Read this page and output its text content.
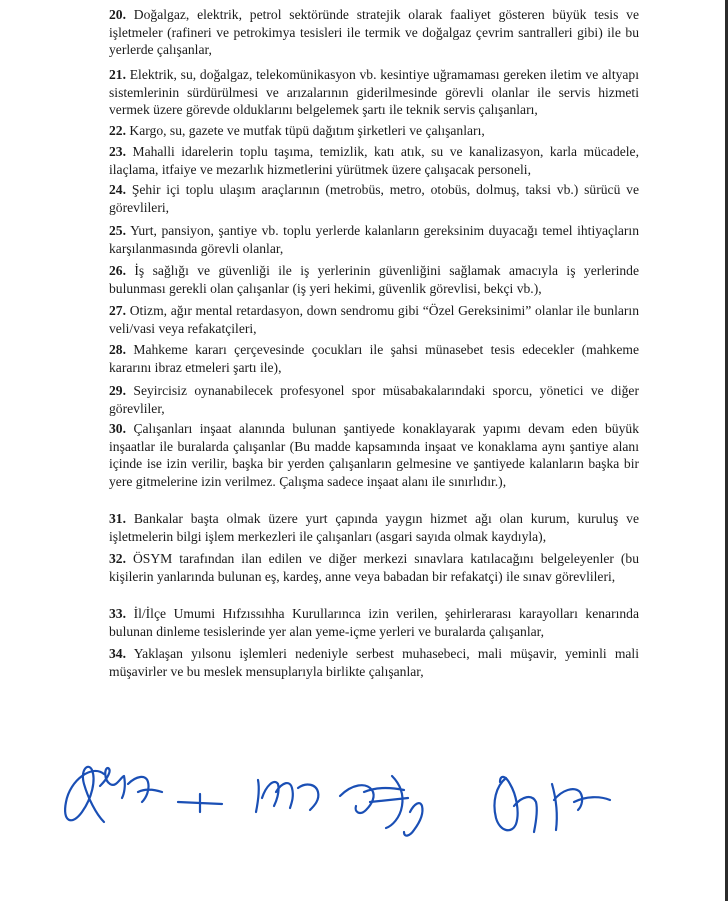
20. Doğalgaz, elektrik, petrol sektöründe stratejik olarak faaliyet gösteren büyük tesis ve işletmeler (rafineri ve petrokimya tesisleri ile termik ve doğalgaz çevrim santralleri gibi) ile bu yerlerde çalışanlar,
21. Elektrik, su, doğalgaz, telekomünikasyon vb. kesintiye uğramaması gereken iletim ve altyapı sistemlerinin sürdürülmesi ve arızalarının giderilmesinde görevli olanlar ile servis hizmeti vermek üzere görevde olduklarını belgelemek şartı ile teknik servis çalışanları,
22. Kargo, su, gazete ve mutfak tüpü dağıtım şirketleri ve çalışanları,
23. Mahalli idarelerin toplu taşıma, temizlik, katı atık, su ve kanalizasyon, karla mücadele, ilaçlama, itfaiye ve mezarlık hizmetlerini yürütmek üzere çalışacak personeli,
24. Şehir içi toplu ulaşım araçlarının (metrobüs, metro, otobüs, dolmuş, taksi vb.) sürücü ve görevlileri,
25. Yurt, pansiyon, şantiye vb. toplu yerlerde kalanların gereksinim duyacağı temel ihtiyaçların karşılanmasında görevli olanlar,
26. İş sağlığı ve güvenliği ile iş yerlerinin güvenliğini sağlamak amacıyla iş yerlerinde bulunması gerekli olan çalışanlar (iş yeri hekimi, güvenlik görevlisi, bekçi vb.),
27. Otizm, ağır mental retardasyon, down sendromu gibi “Özel Gereksinimi” olanlar ile bunların veli/vasi veya refakatçileri,
28. Mahkeme kararı çerçevesinde çocukları ile şahsi münasebet tesis edecekler (mahkeme kararını ibraz etmeleri şartı ile),
29. Seyircisiz oynanabilecek profesyonel spor müsabakalarındaki sporcu, yönetici ve diğer görevliler,
30. Çalışanları inşaat alanında bulunan şantiyede konaklayarak yapımı devam eden büyük inşaatlar ile buralarda çalışanlar (Bu madde kapsamında inşaat ve konaklama aynı şantiye alanı içinde ise izin verilir, başka bir yerden çalışanların gelmesine ve şantiyede kalanların başka bir yere gitmelerine izin verilmez. Çalışma sadece inşaat alanı ile sınırlıdır.),
31. Bankalar başta olmak üzere yurt çapında yaygın hizmet ağı olan kurum, kuruluş ve işletmelerin bilgi işlem merkezleri ile çalışanları (asgari sayıda olmak kaydıyla),
32. ÖSYM tarafından ilan edilen ve diğer merkezi sınavlara katılacağını belgeleyenler (bu kişilerin yanlarında bulunan eş, kardeş, anne veya babadan bir refakatçi) ile sınav görevlileri,
33. İl/İlçe Umumi Hıfzıssıhha Kurullarınca izin verilen, şehirlerarası karayolları kenarında bulunan dinleme tesislerinde yer alan yeme-içme yerleri ve buralarda çalışanlar,
34. Yaklaşan yılsonu işlemleri nedeniyle serbest muhasebeci, mali müşavir, yeminli mali müşavirler ve bu meslek mensuplarıyla birlikte çalışanlar,
